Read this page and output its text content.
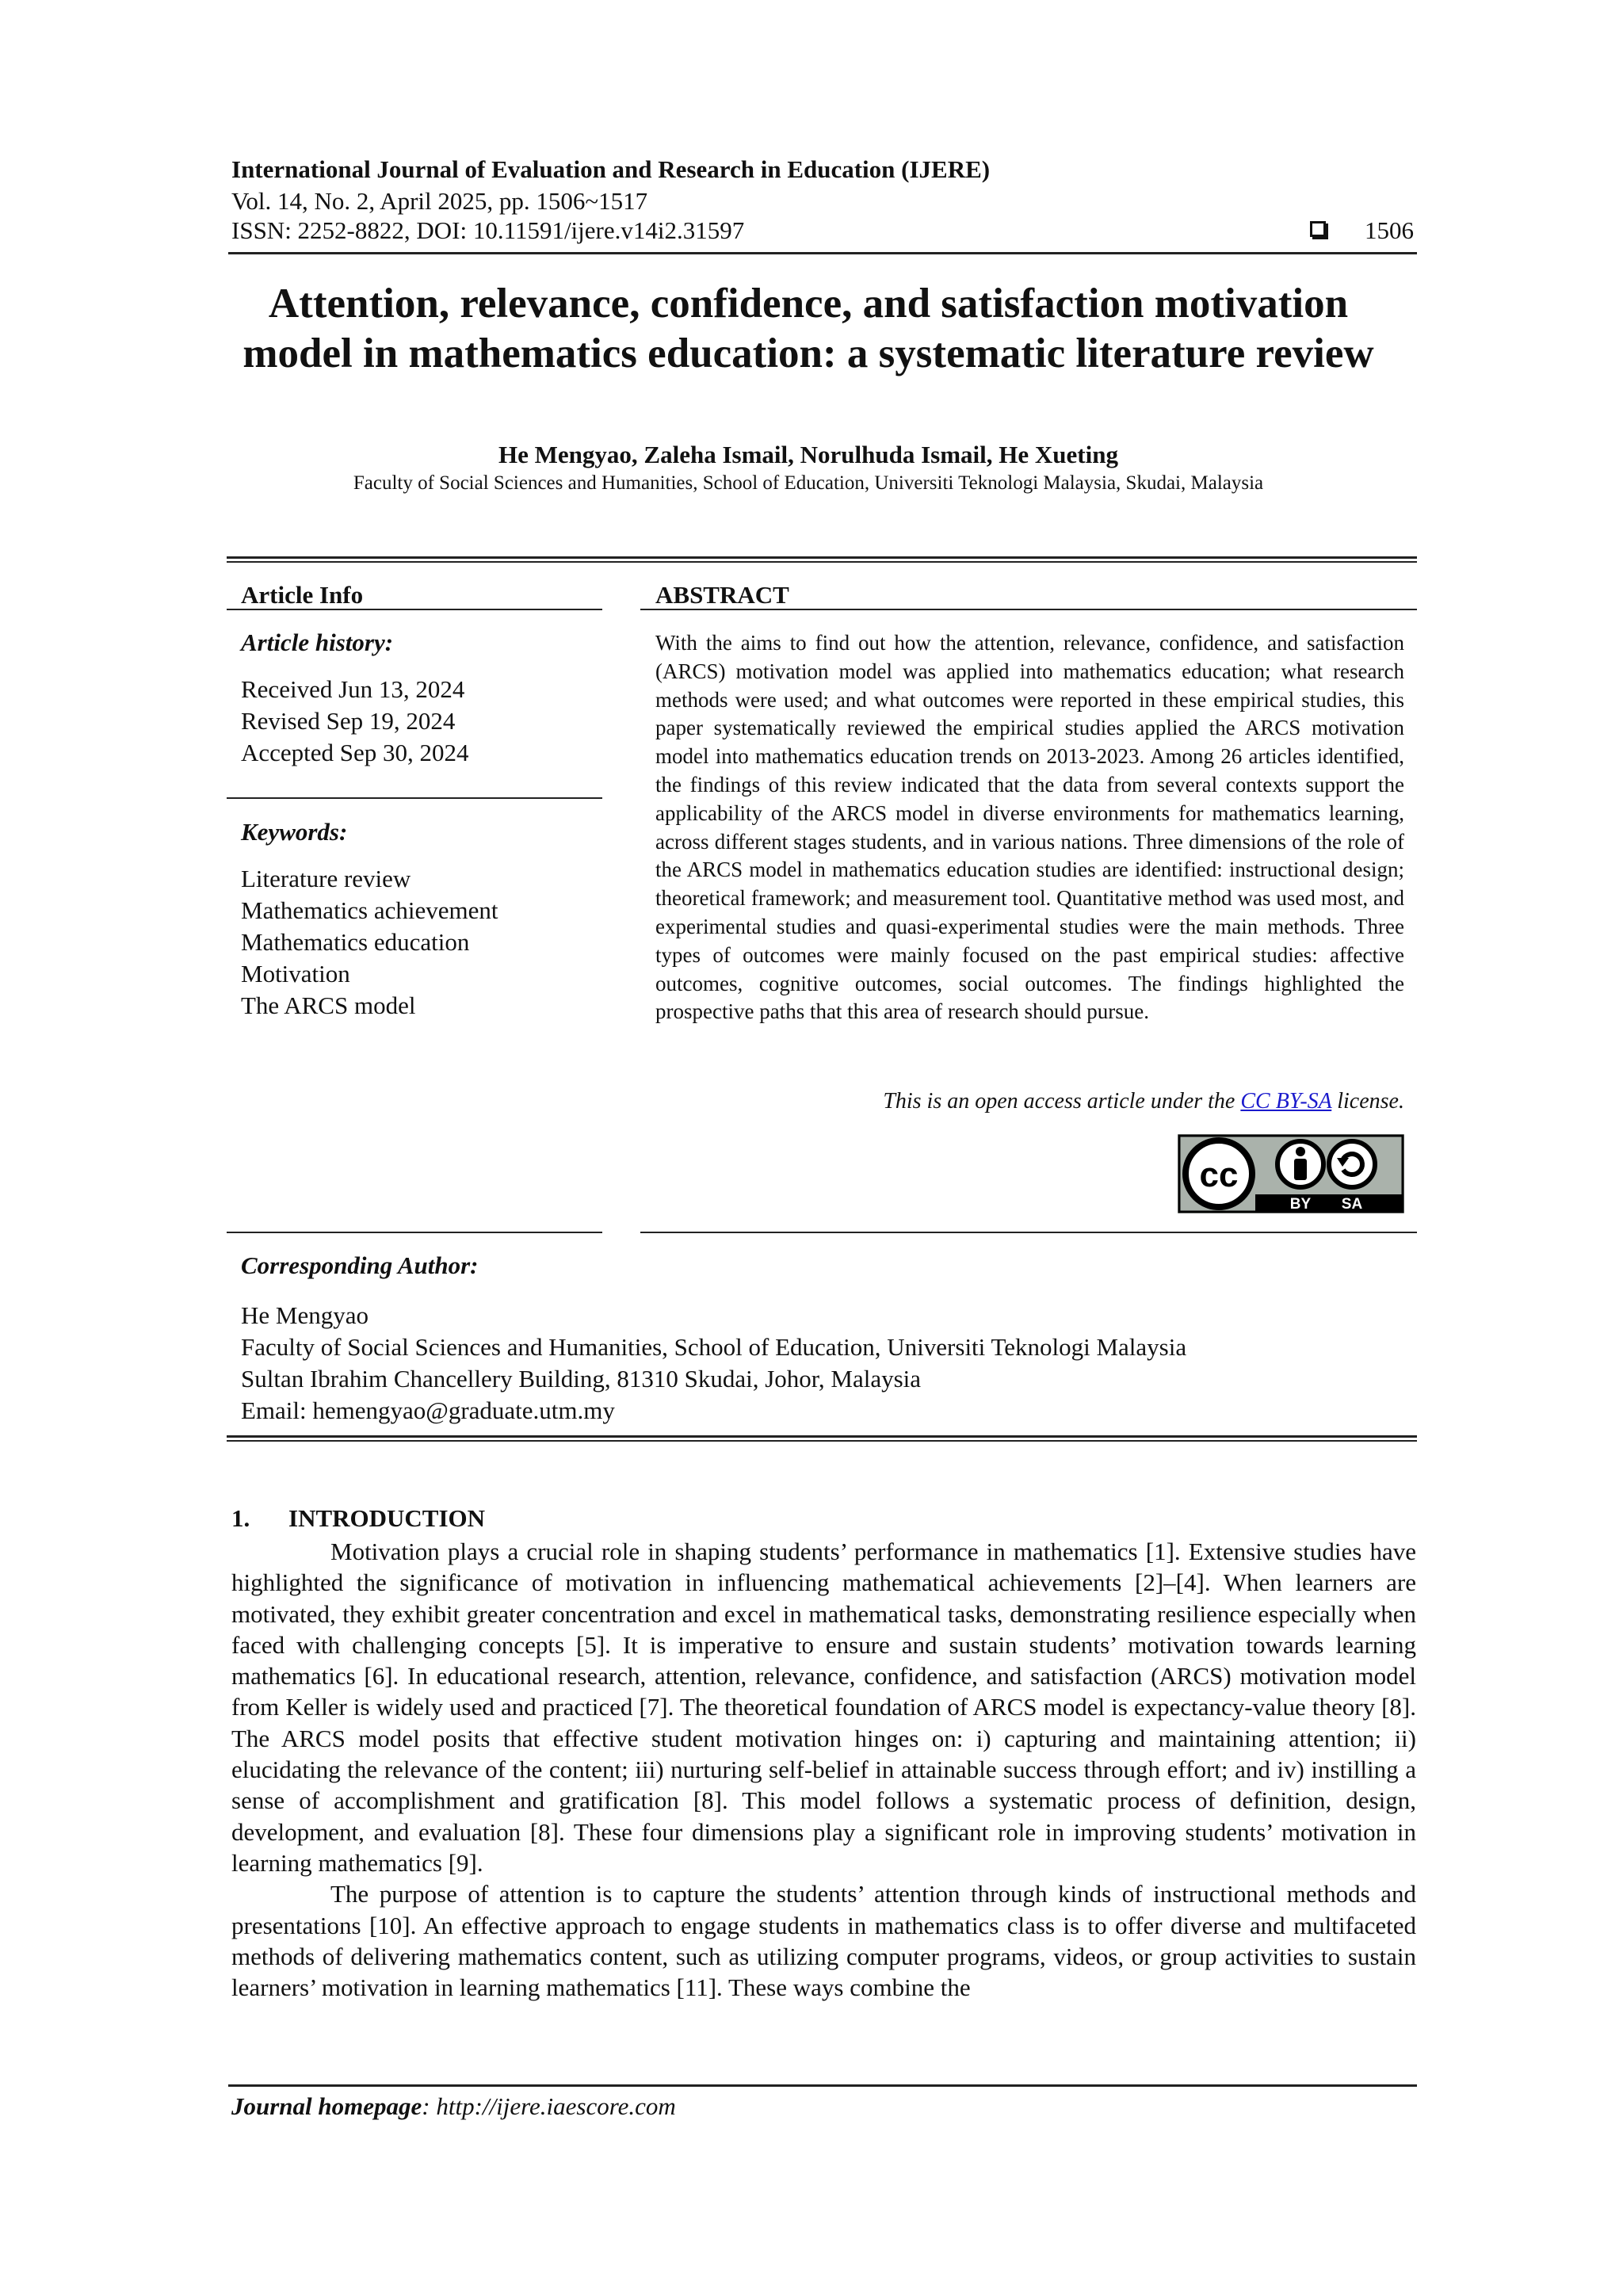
International Journal of Evaluation and Research in Education (IJERE)
Vol. 14, No. 2, April 2025, pp. 1506~1517
ISSN: 2252-8822, DOI: 10.11591/ijere.v14i2.31597	1506
Attention, relevance, confidence, and satisfaction motivation
model in mathematics education: a systematic literature review
He Mengyao, Zaleha Ismail, Norulhuda Ismail, He Xueting
Faculty of Social Sciences and Humanities, School of Education, Universiti Teknologi Malaysia, Skudai, Malaysia
Article Info
Article history:
Received Jun 13, 2024
Revised Sep 19, 2024
Accepted Sep 30, 2024
Keywords:
Literature review
Mathematics achievement
Mathematics education
Motivation
The ARCS model
ABSTRACT
With the aims to find out how the attention, relevance, confidence, and satisfaction (ARCS) motivation model was applied into mathematics education; what research methods were used; and what outcomes were reported in these empirical studies, this paper systematically reviewed the empirical studies applied the ARCS motivation model into mathematics education trends on 2013-2023. Among 26 articles identified, the findings of this review indicated that the data from several contexts support the applicability of the ARCS model in diverse environments for mathematics learning, across different stages students, and in various nations. Three dimensions of the role of the ARCS model in mathematics education studies are identified: instructional design; theoretical framework; and measurement tool. Quantitative method was used most, and experimental studies and quasi-experimental studies were the main methods. Three types of outcomes were mainly focused on the past empirical studies: affective outcomes, cognitive outcomes, social outcomes. The findings highlighted the prospective paths that this area of research should pursue.
This is an open access article under the CC BY-SA license.
cc
BY SA
Corresponding Author:
He Mengyao
Faculty of Social Sciences and Humanities, School of Education, Universiti Teknologi Malaysia
Sultan Ibrahim Chancellery Building, 81310 Skudai, Johor, Malaysia
Email: hemengyao@graduate.utm.my
1. INTRODUCTION

Motivation plays a crucial role in shaping students’ performance in mathematics [1]. Extensive studies have highlighted the significance of motivation in influencing mathematical achievements [2]–[4]. When learners are motivated, they exhibit greater concentration and excel in mathematical tasks, demonstrating resilience especially when faced with challenging concepts [5]. It is imperative to ensure and sustain students’ motivation towards learning mathematics [6]. In educational research, attention, relevance, confidence, and satisfaction (ARCS) motivation model from Keller is widely used and practiced [7]. The theoretical foundation of ARCS model is expectancy-value theory [8]. The ARCS model posits that effective student motivation hinges on: i) capturing and maintaining attention; ii) elucidating the relevance of the content; iii) nurturing self-belief in attainable success through effort; and iv) instilling a sense of accomplishment and gratification [8]. This model follows a systematic process of definition, design, development, and evaluation [8]. These four dimensions play a significant role in improving students’ motivation in learning mathematics [9].

The purpose of attention is to capture the students’ attention through kinds of instructional methods and presentations [10]. An effective approach to engage students in mathematics class is to offer diverse and multifaceted methods of delivering mathematics content, such as utilizing computer programs, videos, or group activities to sustain learners’ motivation in learning mathematics [11]. These ways combine the

Journal homepage: http://ijere.iaescore.com
